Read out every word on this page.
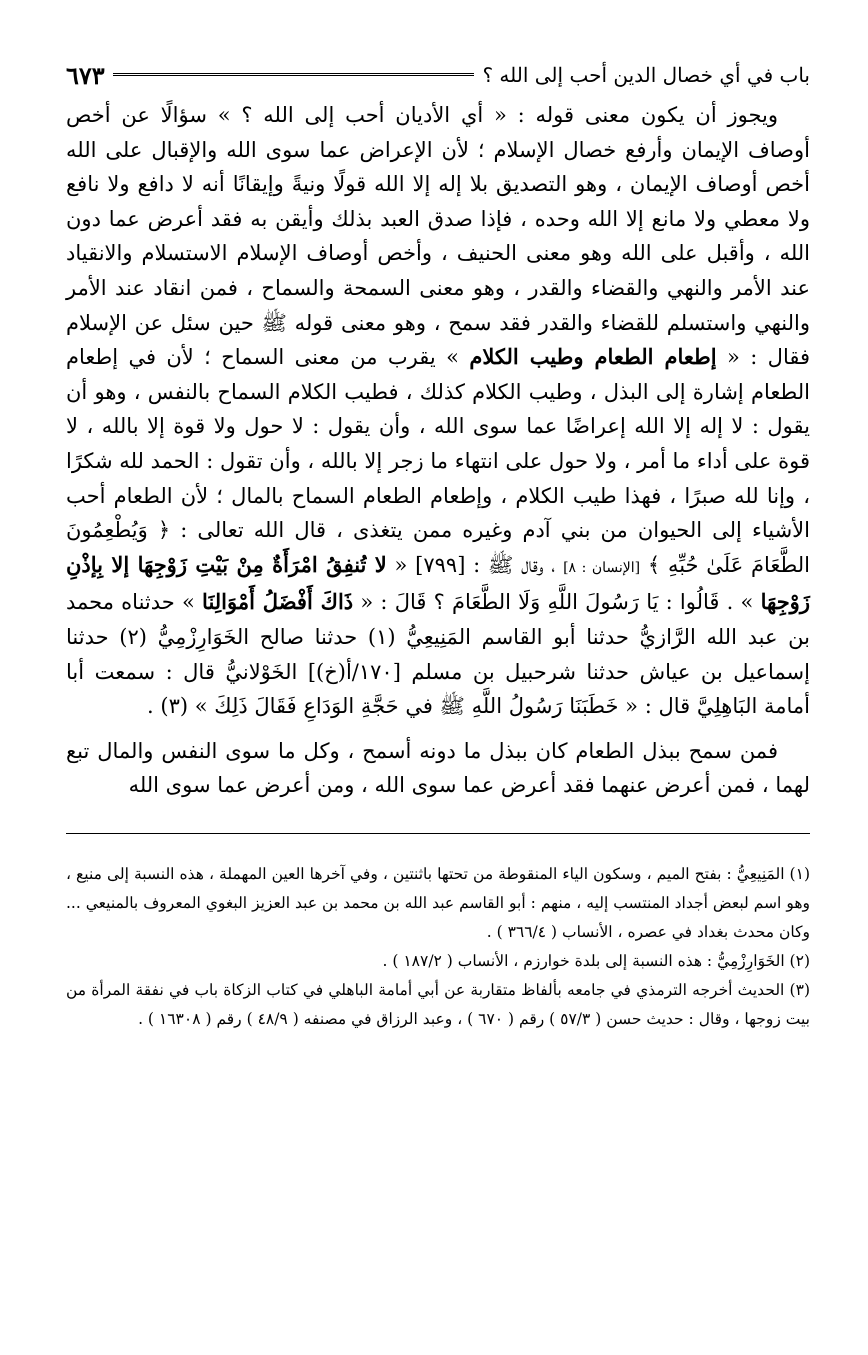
باب في أي خصال الدين أحب إلى الله ؟
٦٧٣

ويجوز أن يكون معنى قوله : « أي الأديان أحب إلى الله ؟ » سؤالًا عن أخص أوصاف الإيمان وأرفع خصال الإسلام ؛ لأن الإعراض عما سوى الله والإقبال على الله أخص أوصاف الإيمان ، وهو التصديق بلا إله إلا الله قولًا ونيةً وإيقانًا أنه لا دافع ولا نافع ولا معطي ولا مانع إلا الله وحده ، فإذا صدق العبد بذلك وأيقن به فقد أعرض عما دون الله ، وأقبل على الله وهو معنى الحنيف ، وأخص أوصاف الإسلام الاستسلام والانقياد عند الأمر والنهي والقضاء والقدر ، وهو معنى السمحة والسماح ، فمن انقاد عند الأمر والنهي واستسلم للقضاء والقدر فقد سمح ، وهو معنى قوله ﷺ حين سئل عن الإسلام فقال : « إطعام الطعام وطيب الكلام » يقرب من معنى السماح ؛ لأن في إطعام الطعام إشارة إلى البذل ، وطيب الكلام كذلك ، فطيب الكلام السماح بالنفس ، وهو أن يقول : لا إله إلا الله إعراضًا عما سوى الله ، وأن يقول : لا حول ولا قوة إلا بالله ، لا قوة على أداء ما أمر ، ولا حول على انتهاء ما زجر إلا بالله ، وأن تقول : الحمد لله شكرًا ، وإنا لله صبرًا ، فهذا طيب الكلام ، وإطعام الطعام السماح بالمال ؛ لأن الطعام أحب الأشياء إلى الحيوان من بني آدم وغيره ممن يتغذى ، قال الله تعالى : ﴿ وَيُطْعِمُونَ الطَّعَامَ عَلَىٰ حُبِّهِ ﴾ [الإنسان : ٨] ، وقال ﷺ : [٧٩٩] « لا تُنفِقُ امْرَأَةٌ مِنْ بَيْتِ زَوْجِهَا إلا بِإذْنِ زَوْجِهَا » . قَالُوا : يَا رَسُولَ اللَّهِ وَلَا الطَّعَامَ ؟ قَالَ : « ذَاكَ أَفْضَلُ أَمْوَالِنَا » حدثناه محمد بن عبد الله الرَّازيُّ حدثنا أبو القاسم المَنِيعِيُّ (١) حدثنا صالح الخَوَارِزْمِيُّ (٢) حدثنا إسماعيل بن عياش حدثنا شرحبيل بن مسلم [١٧٠/أ(خ)] الخَوْلانيُّ قال : سمعت أبا أمامة البَاهِلِيَّ قال : « خَطَبَنَا رَسُولُ اللَّهِ ﷺ في حَجَّةِ الوَدَاعِ فَقَالَ ذَلِكَ » (٣) .

فمن سمح ببذل الطعام كان ببذل ما دونه أسمح ، وكل ما سوى النفس والمال تبع لهما ، فمن أعرض عنهما فقد أعرض عما سوى الله ، ومن أعرض عما سوى الله

(١) المَنِيعِيُّ : بفتح الميم ، وسكون الياء المنقوطة من تحتها باثنتين ، وفي آخرها العين المهملة ، هذه النسبة إلى منيع ، وهو اسم لبعض أجداد المنتسب إليه ، منهم : أبو القاسم عبد الله بن محمد بن عبد العزيز البغوي المعروف بالمنيعي ... وكان محدث بغداد في عصره ، الأنساب ( ٣٦٦/٤ ) .

(٢) الخَوَارِزْمِيُّ : هذه النسبة إلى بلدة خوارزم ، الأنساب ( ١٨٧/٢ ) .

(٣) الحديث أخرجه الترمذي في جامعه بألفاظ متقاربة عن أبي أمامة الباهلي في كتاب الزكاة باب في نفقة المرأة من بيت زوجها ، وقال : حديث حسن ( ٥٧/٣ ) رقم ( ٦٧٠ ) ، وعبد الرزاق في مصنفه ( ٤٨/٩ ) رقم ( ١٦٣٠٨ ) .
